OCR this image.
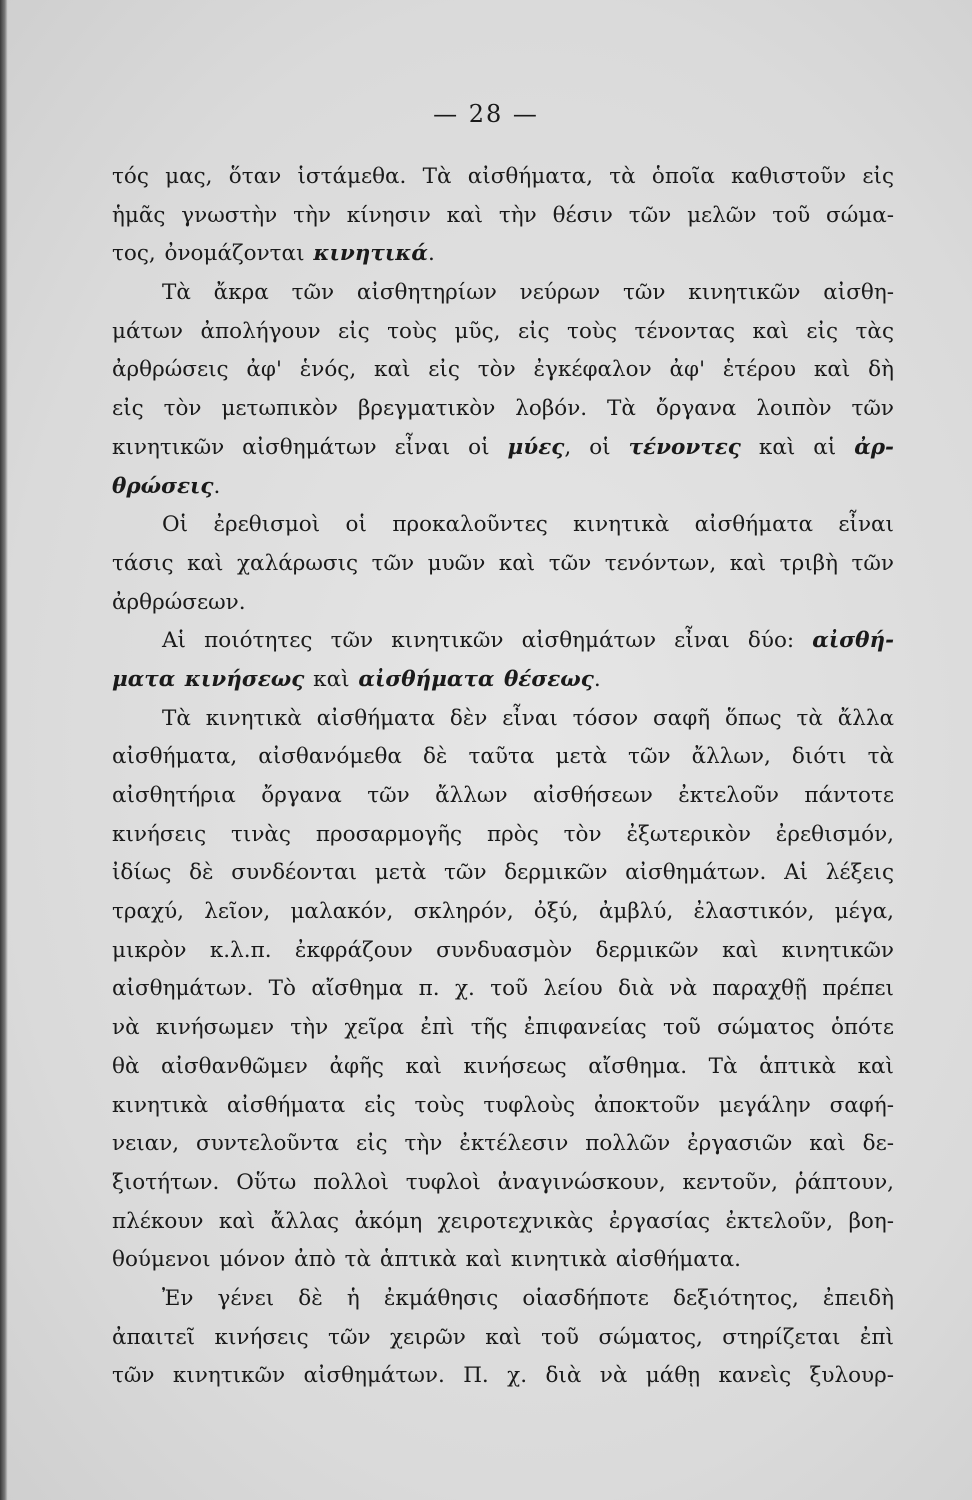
— 28 —
τός μας, ὅταν ἱστάμεθα. Τὰ αἰσθήματα, τὰ ὁποῖα καθιστοῦν εἰς
ἡμᾶς γνωστὴν τὴν κίνησιν καὶ τὴν θέσιν τῶν μελῶν τοῦ σώμα-
τος, ὀνομάζονται κινητικά.
Τὰ ἄκρα τῶν αἰσθητηρίων νεύρων τῶν κινητικῶν αἰσθη-
μάτων ἀπολήγουν εἰς τοὺς μῦς, εἰς τοὺς τένοντας καὶ εἰς τὰς
ἀρθρώσεις ἀφ' ἑνός, καὶ εἰς τὸν ἐγκέφαλον ἀφ' ἑτέρου καὶ δὴ
εἰς τὸν μετωπικὸν βρεγματικὸν λοβόν. Τὰ ὄργανα λοιπὸν τῶν
κινητικῶν αἰσθημάτων εἶναι οἱ μύες, οἱ τένοντες καὶ αἱ ἀρ-
θρώσεις.
Οἱ ἐρεθισμοὶ οἱ προκαλοῦντες κινητικὰ αἰσθήματα εἶναι
τάσις καὶ χαλάρωσις τῶν μυῶν καὶ τῶν τενόντων, καὶ τριβὴ τῶν
ἀρθρώσεων.
Αἱ ποιότητες τῶν κινητικῶν αἰσθημάτων εἶναι δύο: αἰσθή-
ματα κινήσεως καὶ αἰσθήματα θέσεως.
Τὰ κινητικὰ αἰσθήματα δὲν εἶναι τόσον σαφῆ ὅπως τὰ ἄλλα
αἰσθήματα, αἰσθανόμεθα δὲ ταῦτα μετὰ τῶν ἄλλων, διότι τὰ
αἰσθητήρια ὄργανα τῶν ἄλλων αἰσθήσεων ἐκτελοῦν πάντοτε
κινήσεις τινὰς προσαρμογῆς πρὸς τὸν ἐξωτερικὸν ἐρεθισμόν,
ἰδίως δὲ συνδέονται μετὰ τῶν δερμικῶν αἰσθημάτων. Αἱ λέξεις
τραχύ, λεῖον, μαλακόν, σκληρόν, ὀξύ, ἀμβλύ, ἐλαστικόν, μέγα,
μικρὸν κ.λ.π. ἐκφράζουν συνδυασμὸν δερμικῶν καὶ κινητικῶν
αἰσθημάτων. Τὸ αἴσθημα π. χ. τοῦ λείου διὰ νὰ παραχθῇ πρέπει
νὰ κινήσωμεν τὴν χεῖρα ἐπὶ τῆς ἐπιφανείας τοῦ σώματος ὁπότε
θὰ αἰσθανθῶμεν ἀφῆς καὶ κινήσεως αἴσθημα. Τὰ ἁπτικὰ καὶ
κινητικὰ αἰσθήματα εἰς τοὺς τυφλοὺς ἀποκτοῦν μεγάλην σαφή-
νειαν, συντελοῦντα εἰς τὴν ἐκτέλεσιν πολλῶν ἐργασιῶν καὶ δε-
ξιοτήτων. Οὕτω πολλοὶ τυφλοὶ ἀναγινώσκουν, κεντοῦν, ῥάπτουν,
πλέκουν καὶ ἄλλας ἀκόμη χειροτεχνικὰς ἐργασίας ἐκτελοῦν, βοη-
θούμενοι μόνον ἀπὸ τὰ ἁπτικὰ καὶ κινητικὰ αἰσθήματα.
Ἐν γένει δὲ ἡ ἐκμάθησις οἱασδήποτε δεξιότητος, ἐπειδὴ
ἀπαιτεῖ κινήσεις τῶν χειρῶν καὶ τοῦ σώματος, στηρίζεται ἐπὶ
τῶν κινητικῶν αἰσθημάτων. Π. χ. διὰ νὰ μάθῃ κανεὶς ξυλουρ-
